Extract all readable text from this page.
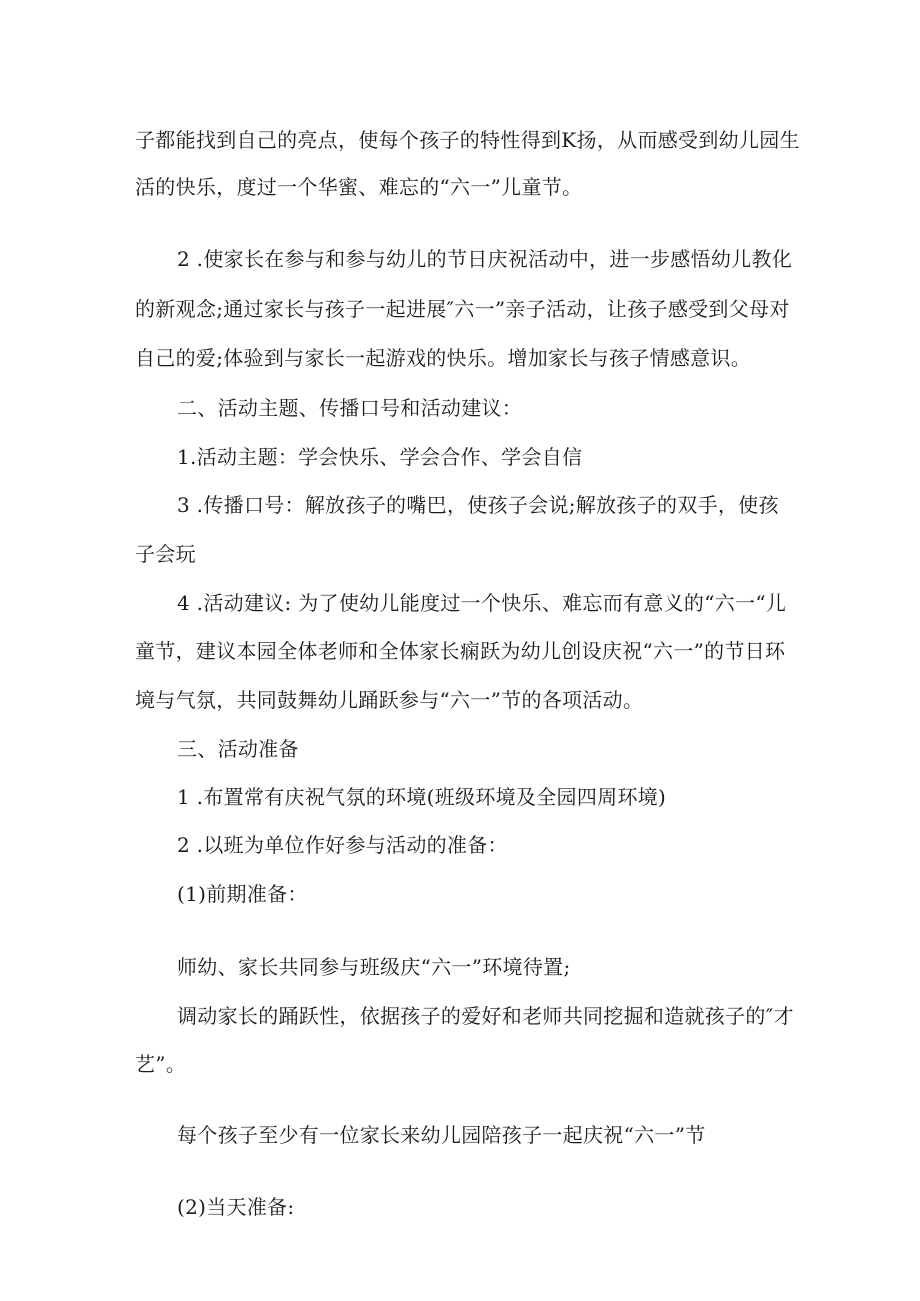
子都能找到自己的亮点，使每个孩子的特性得到K扬，从而感受到幼儿园生
活的快乐，度过一个华蜜、难忘的“六一”儿童节。
2 .使家长在参与和参与幼儿的节日庆祝活动中，进一步感悟幼儿教化
的新观念;通过家长与孩子一起进展″六一”亲子活动，让孩子感受到父母对
自己的爱;体验到与家长一起游戏的快乐。增加家长与孩子情感意识。
二、活动主题、传播口号和活动建议：
1.活动主题：学会快乐、学会合作、学会自信
3 .传播口号：解放孩子的嘴巴，使孩子会说;解放孩子的双手，使孩
子会玩
4 .活动建议: 为了使幼儿能度过一个快乐、难忘而有意义的“六一“儿
童节，建议本园全体老师和全体家长痫跃为幼儿创设庆祝“六一”的节日环
境与气氛，共同鼓舞幼儿踊跃参与“六一”节的各项活动。
三、活动准备
1 .布置常有庆祝气氛的环境(班级环境及全园四周环境)
2 .以班为单位作好参与活动的准备：
(1)前期准备：
师幼、家长共同参与班级庆“六一”环境待置;
调动家长的踊跃性，依据孩子的爱好和老师共同挖掘和造就孩子的″才
艺”。
每个孩子至少有一位家长来幼儿园陪孩子一起庆祝“六一”节
(2)当天准备:
